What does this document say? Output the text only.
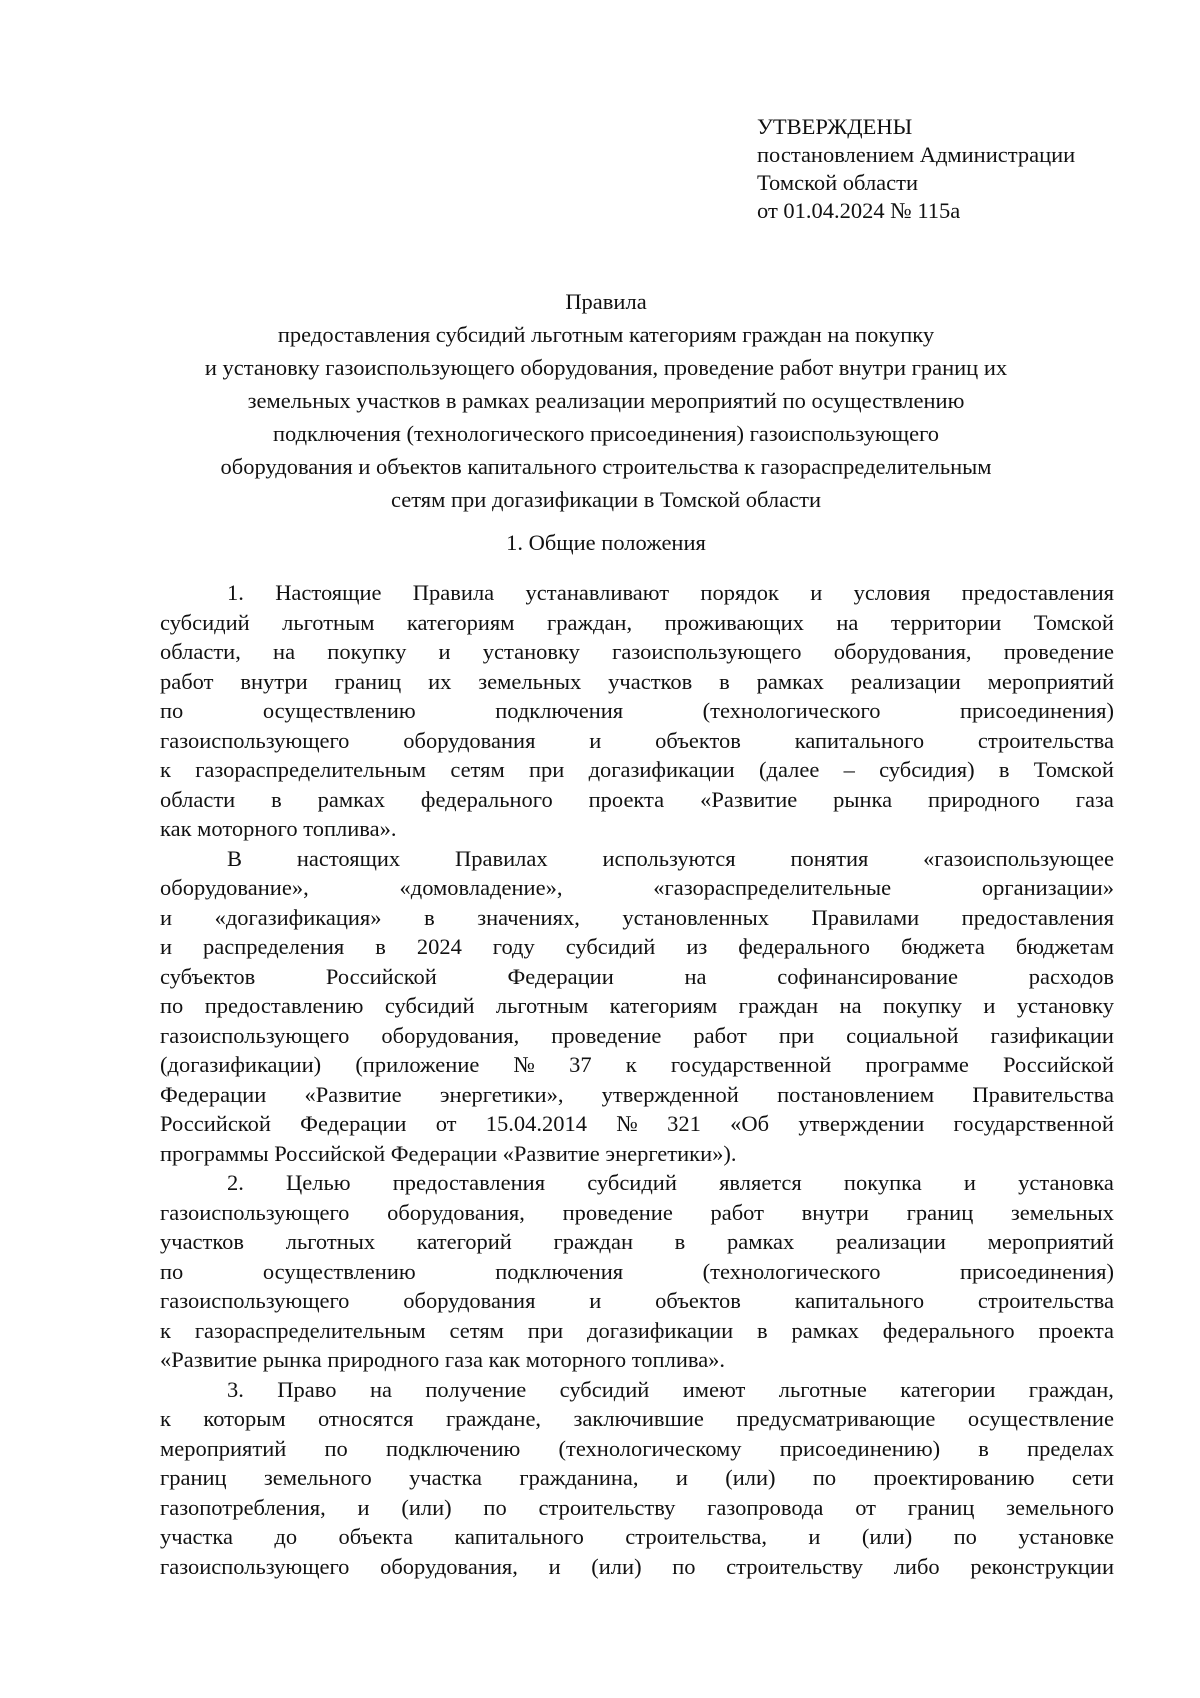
УТВЕРЖДЕНЫ
постановлением Администрации
Томской области
от 01.04.2024 № 115а
Правила
предоставления субсидий льготным категориям граждан на покупку
и установку газоиспользующего оборудования, проведение работ внутри границ их
земельных участков в рамках реализации мероприятий по осуществлению
подключения (технологического присоединения) газоиспользующего
оборудования и объектов капитального строительства к газораспределительным
сетям при догазификации в Томской области
1. Общие положения
1. Настоящие Правила устанавливают порядок и условия предоставления
субсидий льготным категориям граждан, проживающих на территории Томской
области, на покупку и установку газоиспользующего оборудования, проведение
работ внутри границ их земельных участков в рамках реализации мероприятий
по	осуществлению	подключения	(технологического	присоединения)
газоиспользующего оборудования и объектов капитального строительства
к газораспределительным сетям при догазификации (далее – субсидия) в Томской
области в рамках федерального проекта «Развитие рынка природного газа
как моторного топлива».
В настоящих Правилах используются понятия «газоиспользующее
оборудование»,	«домовладение»,	«газораспределительные	организации»
и «догазификация» в значениях, установленных Правилами предоставления
и распределения в 2024 году субсидий из федерального бюджета бюджетам
субъектов	Российской	Федерации	на	софинансирование	расходов
по предоставлению субсидий льготным категориям граждан на покупку и установку
газоиспользующего оборудования, проведение работ при социальной газификации
(догазификации) (приложение № 37 к государственной программе Российской
Федерации «Развитие энергетики», утвержденной постановлением Правительства
Российской Федерации от 15.04.2014 № 321 «Об утверждении государственной
программы Российской Федерации «Развитие энергетики»).
2. Целью предоставления субсидий является покупка и установка
газоиспользующего оборудования, проведение работ внутри границ земельных
участков льготных категорий граждан в рамках реализации мероприятий
по	осуществлению	подключения	(технологического	присоединения)
газоиспользующего оборудования и объектов капитального строительства
к газораспределительным сетям при догазификации в рамках федерального проекта
«Развитие рынка природного газа как моторного топлива».
3. Право на получение субсидий имеют льготные категории граждан,
к которым относятся граждане, заключившие предусматривающие осуществление
мероприятий по подключению (технологическому присоединению) в пределах
границ земельного участка гражданина, и (или) по проектированию сети
газопотребления, и (или) по строительству газопровода от границ земельного
участка до объекта капитального строительства, и (или) по установке
газоиспользующего оборудования, и (или) по строительству либо реконструкции
